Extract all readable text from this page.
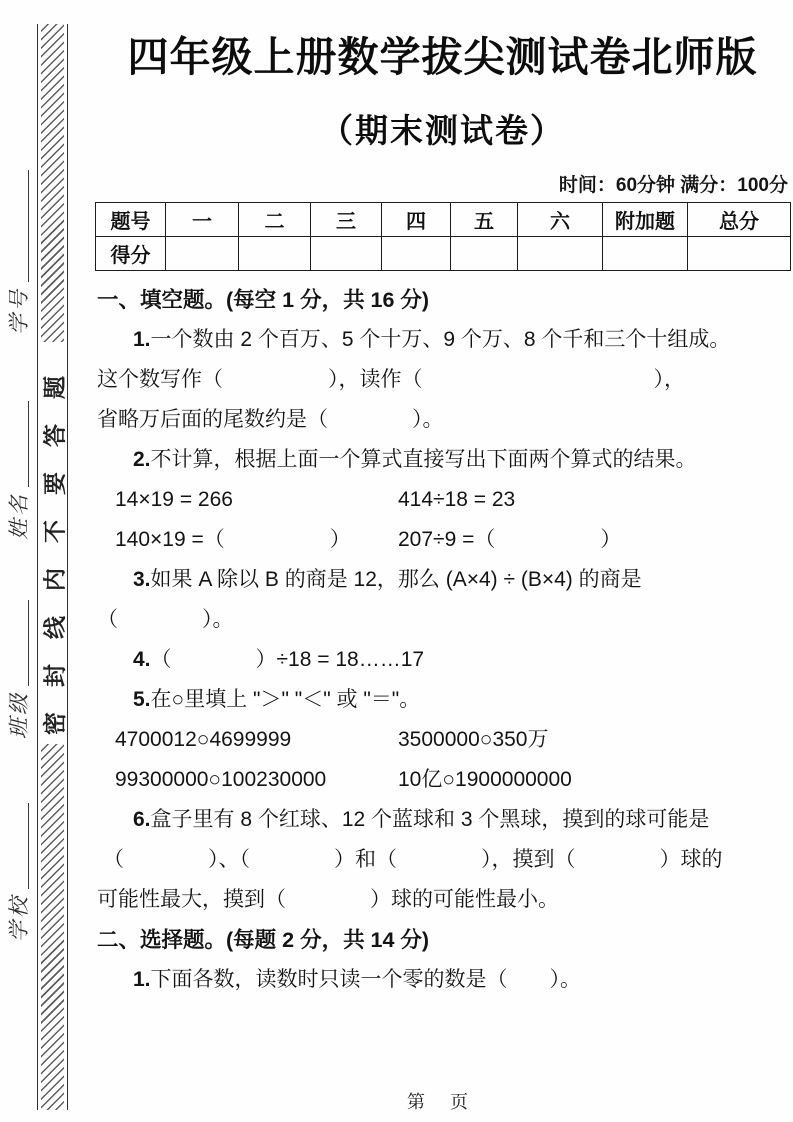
学校
班级
姓名
学号
密封线内不要答题
四年级上册数学拔尖测试卷北师版
（期末测试卷）
时间：60分钟 满分：100分
题号	一	二	三	四	五	六	附加题	总分
得分								
一、填空题。(每空 1 分，共 16 分)
1.一个数由 2 个百万、5 个十万、9 个万、8 个千和三个十组成。
这个数写作（　　　　　），读作（　　　　　　　　　　　），
省略万后面的尾数约是（　　　　）。
2.不计算，根据上面一个算式直接写出下面两个算式的结果。
14×19 = 266	414÷18 = 23
140×19 =（　　　　　）	207÷9 =（　　　　　）
3.如果 A 除以 B 的商是 12，那么 (A×4) ÷ (B×4) 的商是
（　　　　）。
4.（　　　　）÷18 = 18……17
5.在○里填上 "＞" "＜" 或 "＝"。
4700012○4699999	3500000○350万
99300000○100230000	10亿○1900000000
6.盒子里有 8 个红球、12 个蓝球和 3 个黑球，摸到的球可能是
（　　　　）、（　　　　）和（　　　　），摸到（　　　　）球的
可能性最大，摸到（　　　　）球的可能性最小。
二、选择题。(每题 2 分，共 14 分)
1.下面各数，读数时只读一个零的数是（　　）。
第 页
